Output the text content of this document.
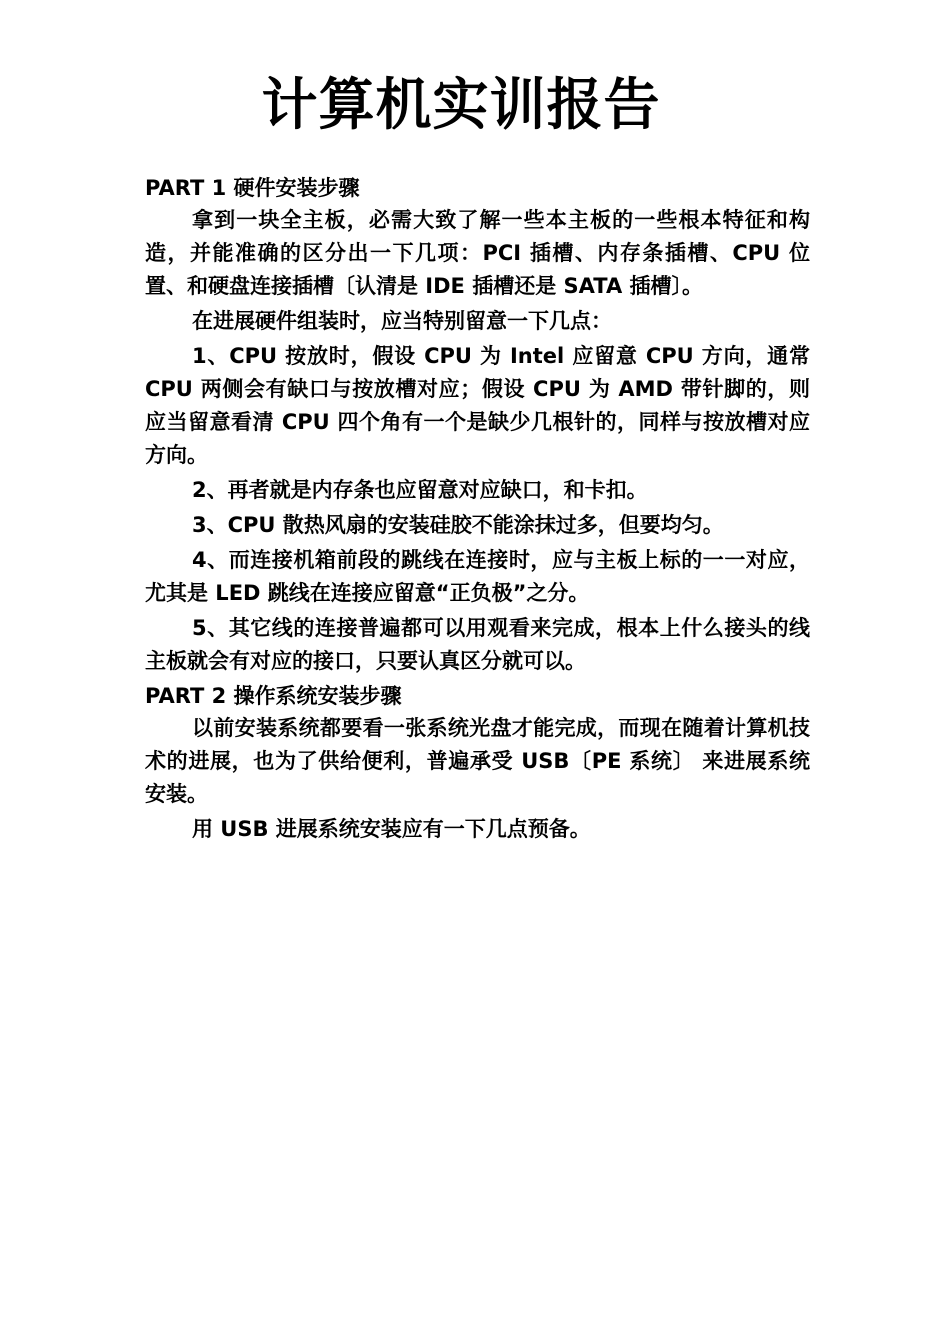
计算机实训报告

PART 1 硬件安装步骤

拿到一块全主板，必需大致了解一些本主板的一些根本特征和构造，并能准确的区分出一下几项：PCI 插槽、内存条插槽、CPU 位置、和硬盘连接插槽〔认清是 IDE 插槽还是 SATA 插槽〕。

在进展硬件组装时，应当特别留意一下几点：

1、CPU 按放时，假设 CPU 为 Intel 应留意 CPU 方向，通常 CPU 两侧会有缺口与按放槽对应；假设 CPU 为 AMD 带针脚的，则应当留意看清 CPU 四个角有一个是缺少几根针的，同样与按放槽对应方向。

2、再者就是内存条也应留意对应缺口，和卡扣。

3、CPU 散热风扇的安装硅胶不能涂抹过多，但要均匀。

4、而连接机箱前段的跳线在连接时，应与主板上标的一一对应，尤其是 LED 跳线在连接应留意“正负极”之分。

5、其它线的连接普遍都可以用观看来完成，根本上什么接头的线主板就会有对应的接口，只要认真区分就可以。

PART 2 操作系统安装步骤

以前安装系统都要看一张系统光盘才能完成，而现在随着计算机技术的进展，也为了供给便利，普遍承受 USB〔PE 系统〕 来进展系统安装。

用 USB 进展系统安装应有一下几点预备。
